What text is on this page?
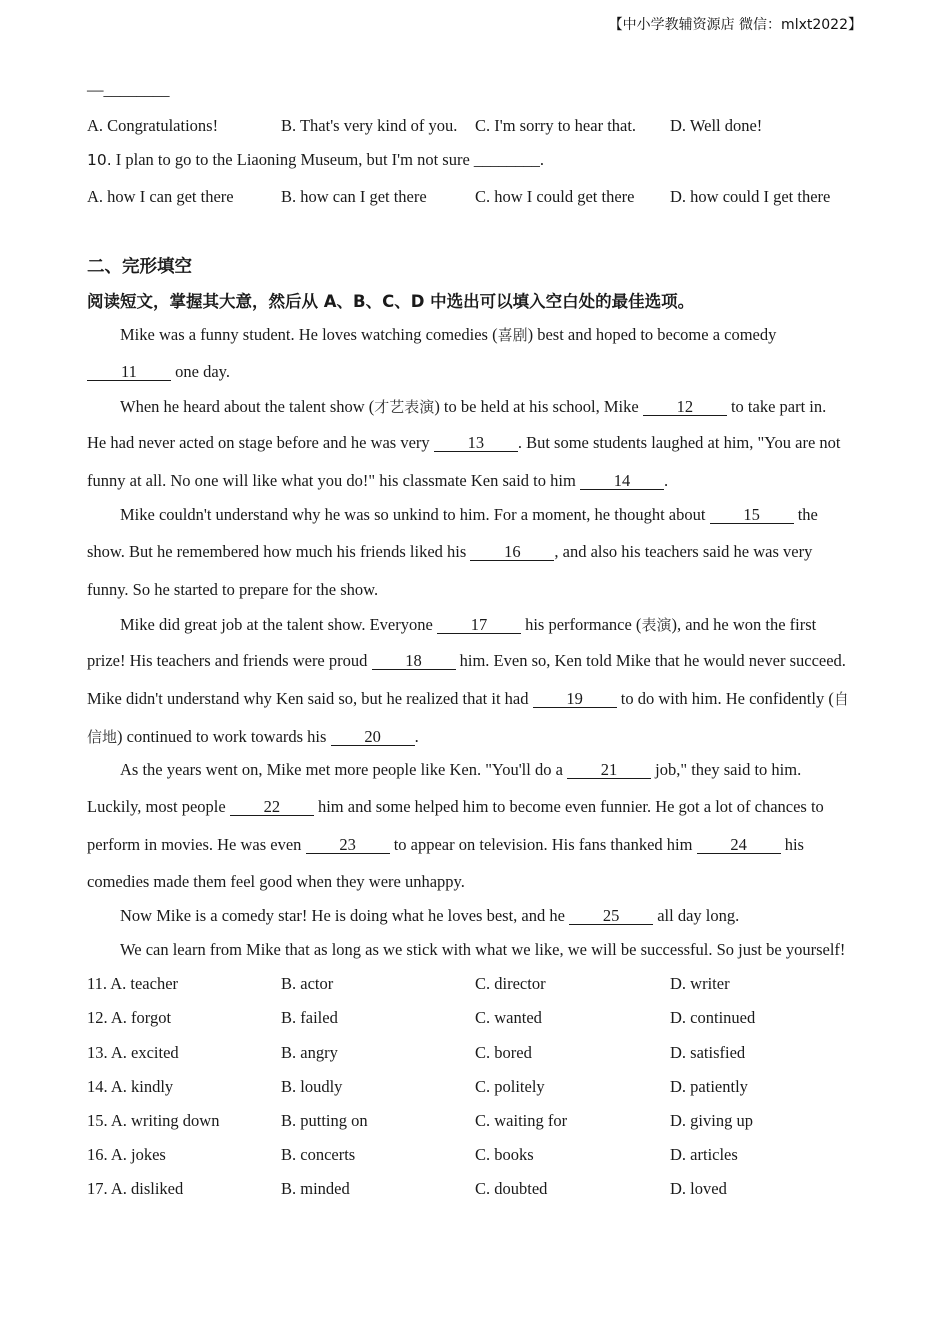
【中小学教辅资源店 微信：mlxt2022】
—________
A. Congratulations!	B. That's very kind of you. C. I'm sorry to hear that. D. Well done!
10. I plan to go to the Liaoning Museum, but I'm not sure ________.
A. how I can get there	B. how can I get there	C. how I could get there D. how could I get there
二、完形填空
阅读短文，掌握其大意，然后从 A、B、C、D 中选出可以填入空白处的最佳选项。
Mike was a funny student. He loves watching comedies (喜剧) best and hoped to become a comedy
11 one day.
When he heard about the talent show (才艺表演) to be held at his school, Mike 12 to take part in.
He had never acted on stage before and he was very 13 . But some students laughed at him, "You are not
funny at all. No one will like what you do!" his classmate Ken said to him 14 .
Mike couldn't understand why he was so unkind to him. For a moment, he thought about 15 the
show. But he remembered how much his friends liked his 16 , and also his teachers said he was very
funny. So he started to prepare for the show.
Mike did great job at the talent show. Everyone 17 his performance (表演), and he won the first
prize! His teachers and friends were proud 18 him. Even so, Ken told Mike that he would never succeed.
Mike didn't understand why Ken said so, but he realized that it had 19 to do with him. He confidently (自
信地) continued to work towards his 20 .
As the years went on, Mike met more people like Ken. "You'll do a 21 job," they said to him.
Luckily, most people 22 him and some helped him to become even funnier. He got a lot of chances to
perform in movies. He was even 23 to appear on television. His fans thanked him 24 his
comedies made them feel good when they were unhappy.
Now Mike is a comedy star! He is doing what he loves best, and he 25 all day long.
We can learn from Mike that as long as we stick with what we like, we will be successful. So just be yourself!
11. A. teacher	B. actor	C. director	D. writer
12. A. forgot	B. failed	C. wanted	D. continued
13. A. excited	B. angry	C. bored	D. satisfied
14. A. kindly	B. loudly	C. politely	D. patiently
15. A. writing down	B. putting on	C. waiting for	D. giving up
16. A. jokes	B. concerts	C. books	D. articles
17. A. disliked	B. minded	C. doubted	D. loved
